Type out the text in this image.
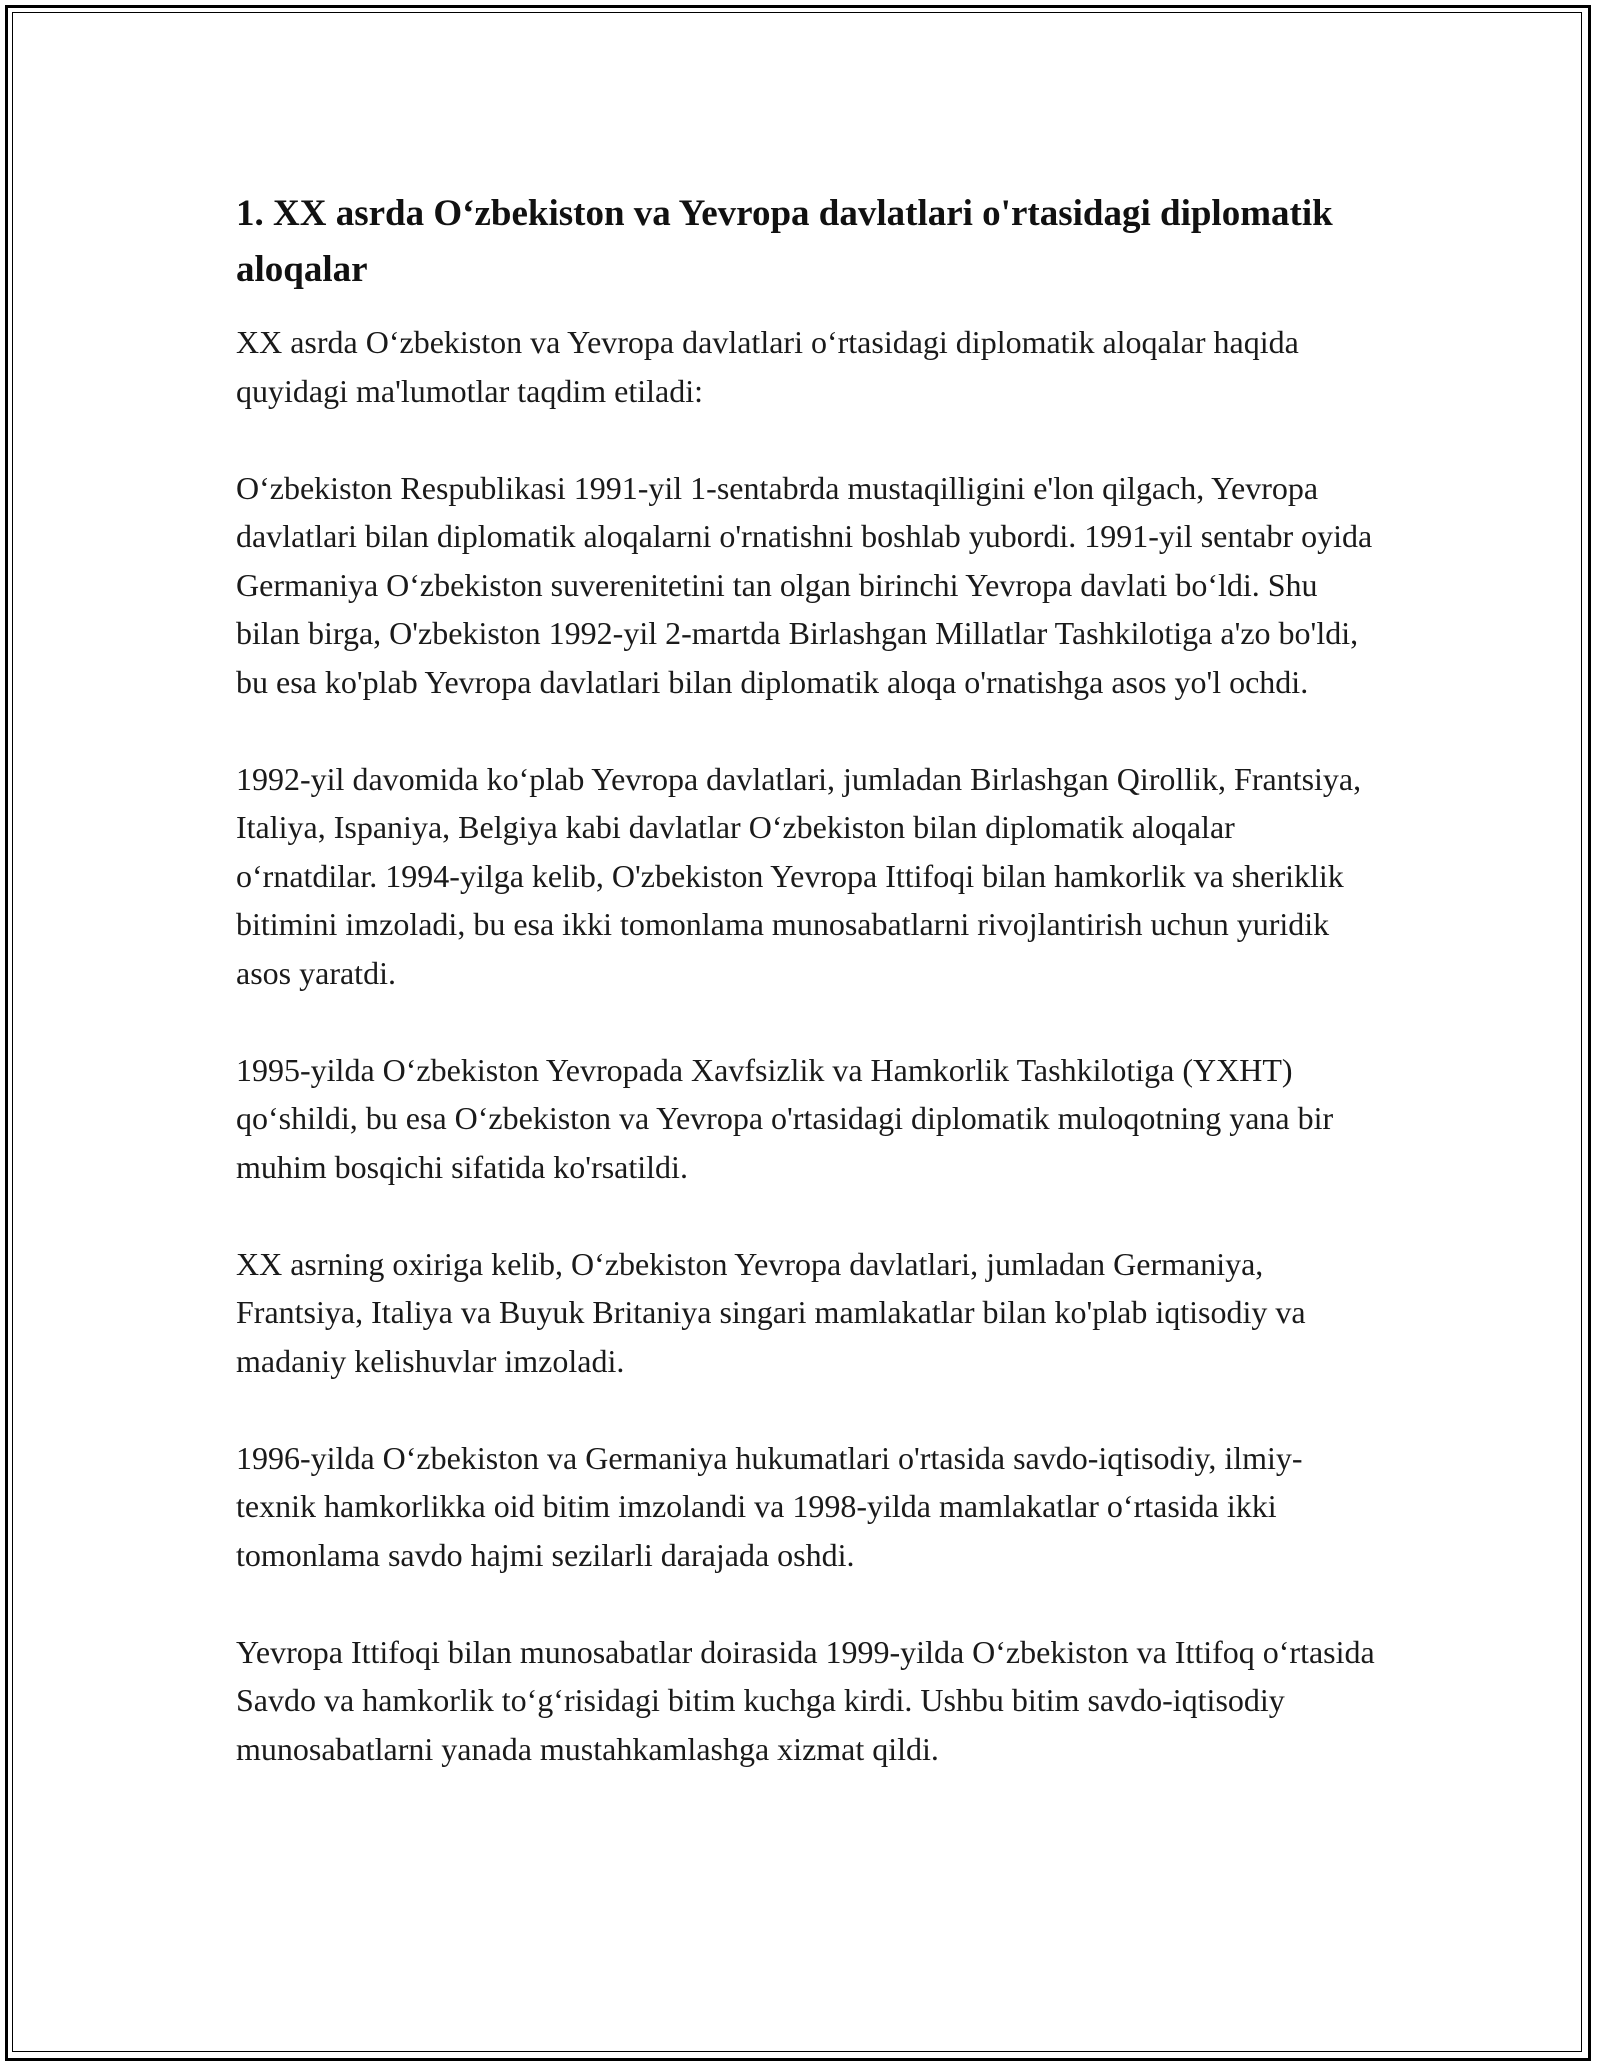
1. XX asrda O‘zbekiston va Yevropa davlatlari o'rtasidagi diplomatik aloqalar

XX asrda O‘zbekiston va Yevropa davlatlari o‘rtasidagi diplomatik aloqalar haqida quyidagi ma'lumotlar taqdim etiladi:

O‘zbekiston Respublikasi 1991-yil 1-sentabrda mustaqilligini e'lon qilgach, Yevropa davlatlari bilan diplomatik aloqalarni o'rnatishni boshlab yubordi. 1991-yil sentabr oyida Germaniya O‘zbekiston suverenitetini tan olgan birinchi Yevropa davlati bo‘ldi. Shu bilan birga, O'zbekiston 1992-yil 2-martda Birlashgan Millatlar Tashkilotiga a'zo bo'ldi, bu esa ko'plab Yevropa davlatlari bilan diplomatik aloqa o'rnatishga asos yo'l ochdi.

1992-yil davomida ko‘plab Yevropa davlatlari, jumladan Birlashgan Qirollik, Frantsiya, Italiya, Ispaniya, Belgiya kabi davlatlar O‘zbekiston bilan diplomatik aloqalar o‘rnatdilar. 1994-yilga kelib, O'zbekiston Yevropa Ittifoqi bilan hamkorlik va sheriklik bitimini imzoladi, bu esa ikki tomonlama munosabatlarni rivojlantirish uchun yuridik asos yaratdi.

1995-yilda O‘zbekiston Yevropada Xavfsizlik va Hamkorlik Tashkilotiga (YXHT) qo‘shildi, bu esa O‘zbekiston va Yevropa o'rtasidagi diplomatik muloqotning yana bir muhim bosqichi sifatida ko'rsatildi.

XX asrning oxiriga kelib, O‘zbekiston Yevropa davlatlari, jumladan Germaniya, Frantsiya, Italiya va Buyuk Britaniya singari mamlakatlar bilan ko'plab iqtisodiy va madaniy kelishuvlar imzoladi.

1996-yilda O‘zbekiston va Germaniya hukumatlari o'rtasida savdo-iqtisodiy, ilmiy-texnik hamkorlikka oid bitim imzolandi va 1998-yilda mamlakatlar o‘rtasida ikki tomonlama savdo hajmi sezilarli darajada oshdi.

Yevropa Ittifoqi bilan munosabatlar doirasida 1999-yilda O‘zbekiston va Ittifoq o‘rtasida Savdo va hamkorlik to‘g‘risidagi bitim kuchga kirdi. Ushbu bitim savdo-iqtisodiy munosabatlarni yanada mustahkamlashga xizmat qildi.
